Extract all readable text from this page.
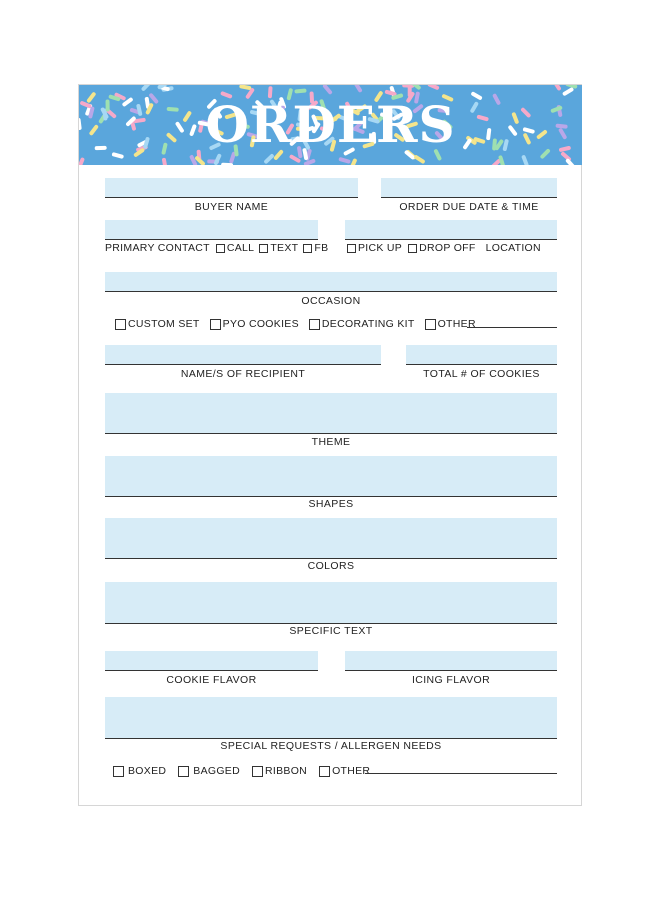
ORDERS
BUYER NAME	ORDER DUE DATE & TIME
PRIMARY CONTACT CALL TEXT FB	PICK UP DROP OFF LOCATION
OCCASION
CUSTOM SET PYO COOKIES DECORATING KIT OTHER
NAME/S OF RECIPIENT	TOTAL # OF COOKIES
THEME
SHAPES
COLORS
SPECIFIC TEXT
COOKIE FLAVOR	ICING FLAVOR
SPECIAL REQUESTS / ALLERGEN NEEDS
BOXED	BAGGED RIBBON OTHER
